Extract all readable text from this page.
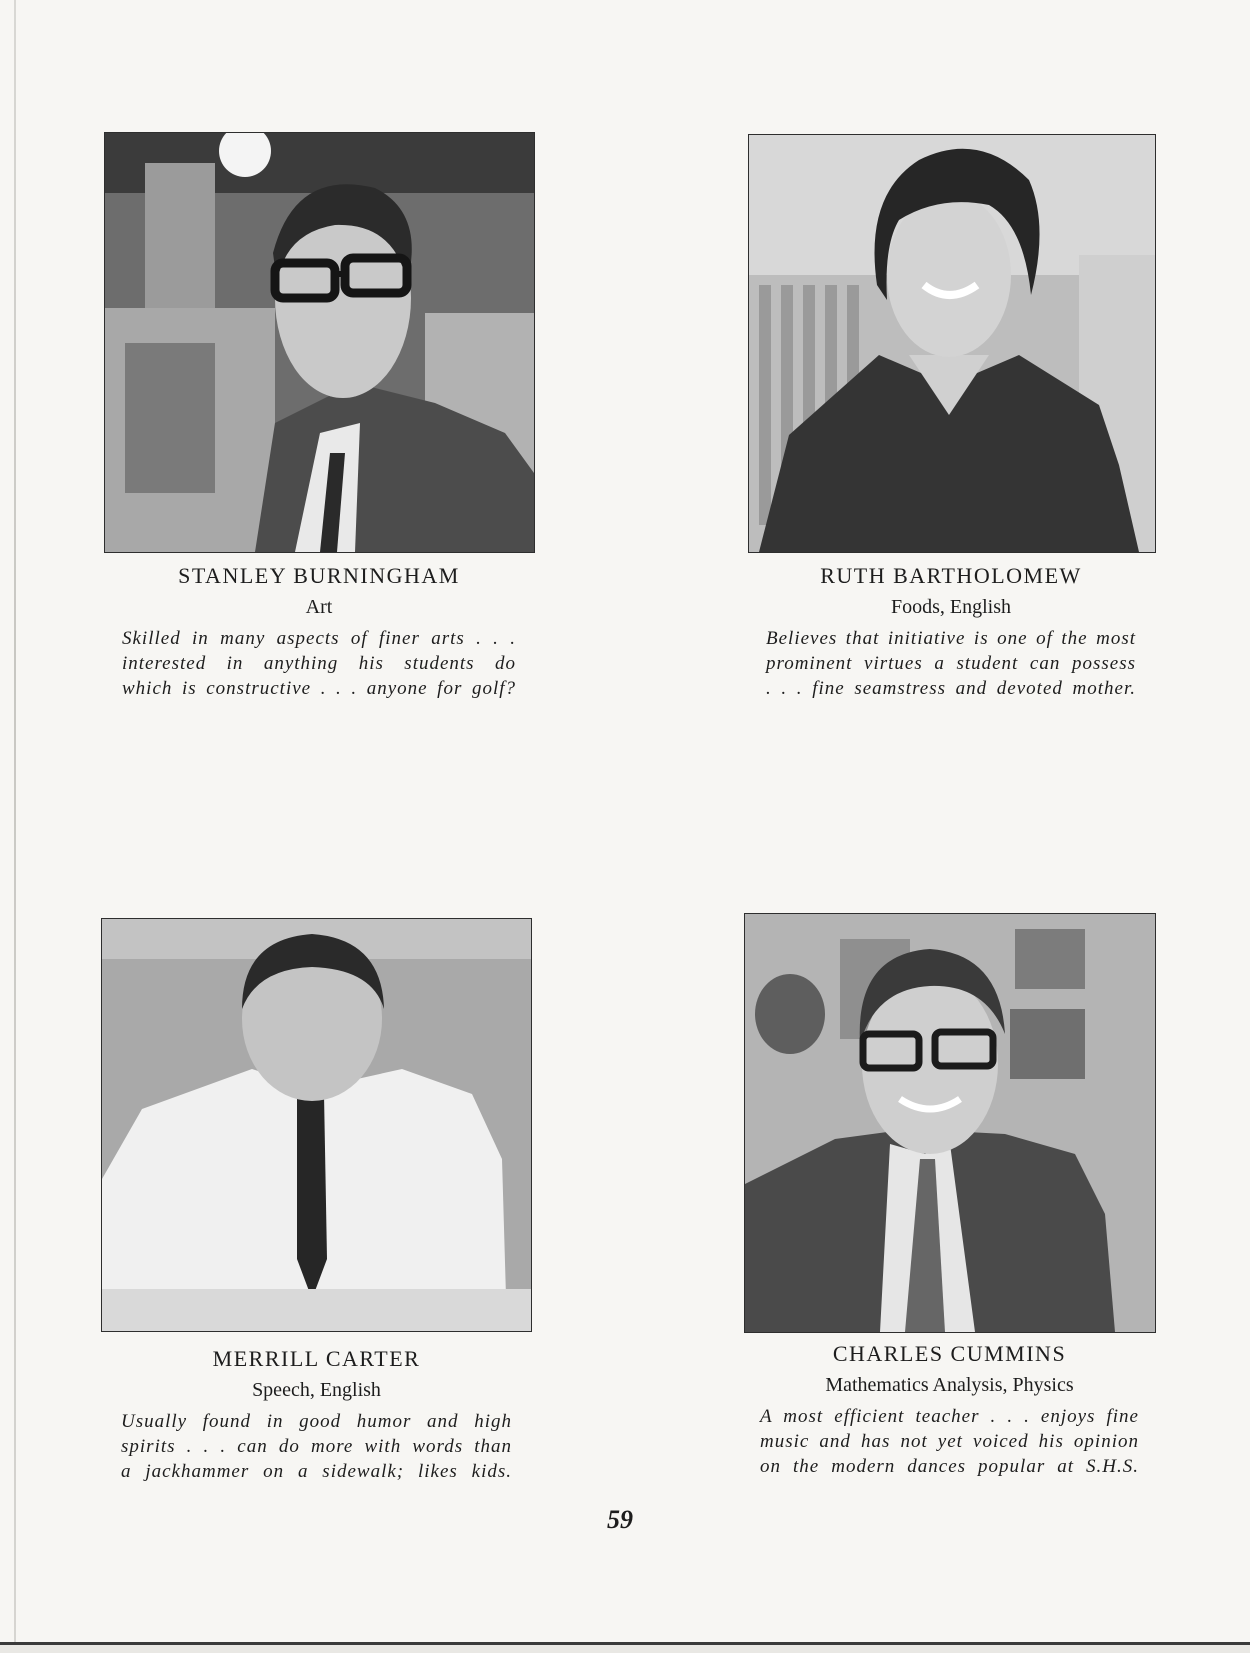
STANLEY BURNINGHAM

Art

Skilled in many aspects of finer arts . . .
interested in anything his students do
which is constructive . . . anyone for golf?

RUTH BARTHOLOMEW

Foods, English

Believes that initiative is one of the most
prominent virtues a student can possess
. . . fine seamstress and devoted mother.

MERRILL CARTER

Speech, English

Usually found in good humor and high
spirits . . . can do more with words than
a jackhammer on a sidewalk; likes kids.

CHARLES CUMMINS

Mathematics Analysis, Physics

A most efficient teacher . . . enjoys fine
music and has not yet voiced his opinion
on the modern dances popular at S.H.S.

59
